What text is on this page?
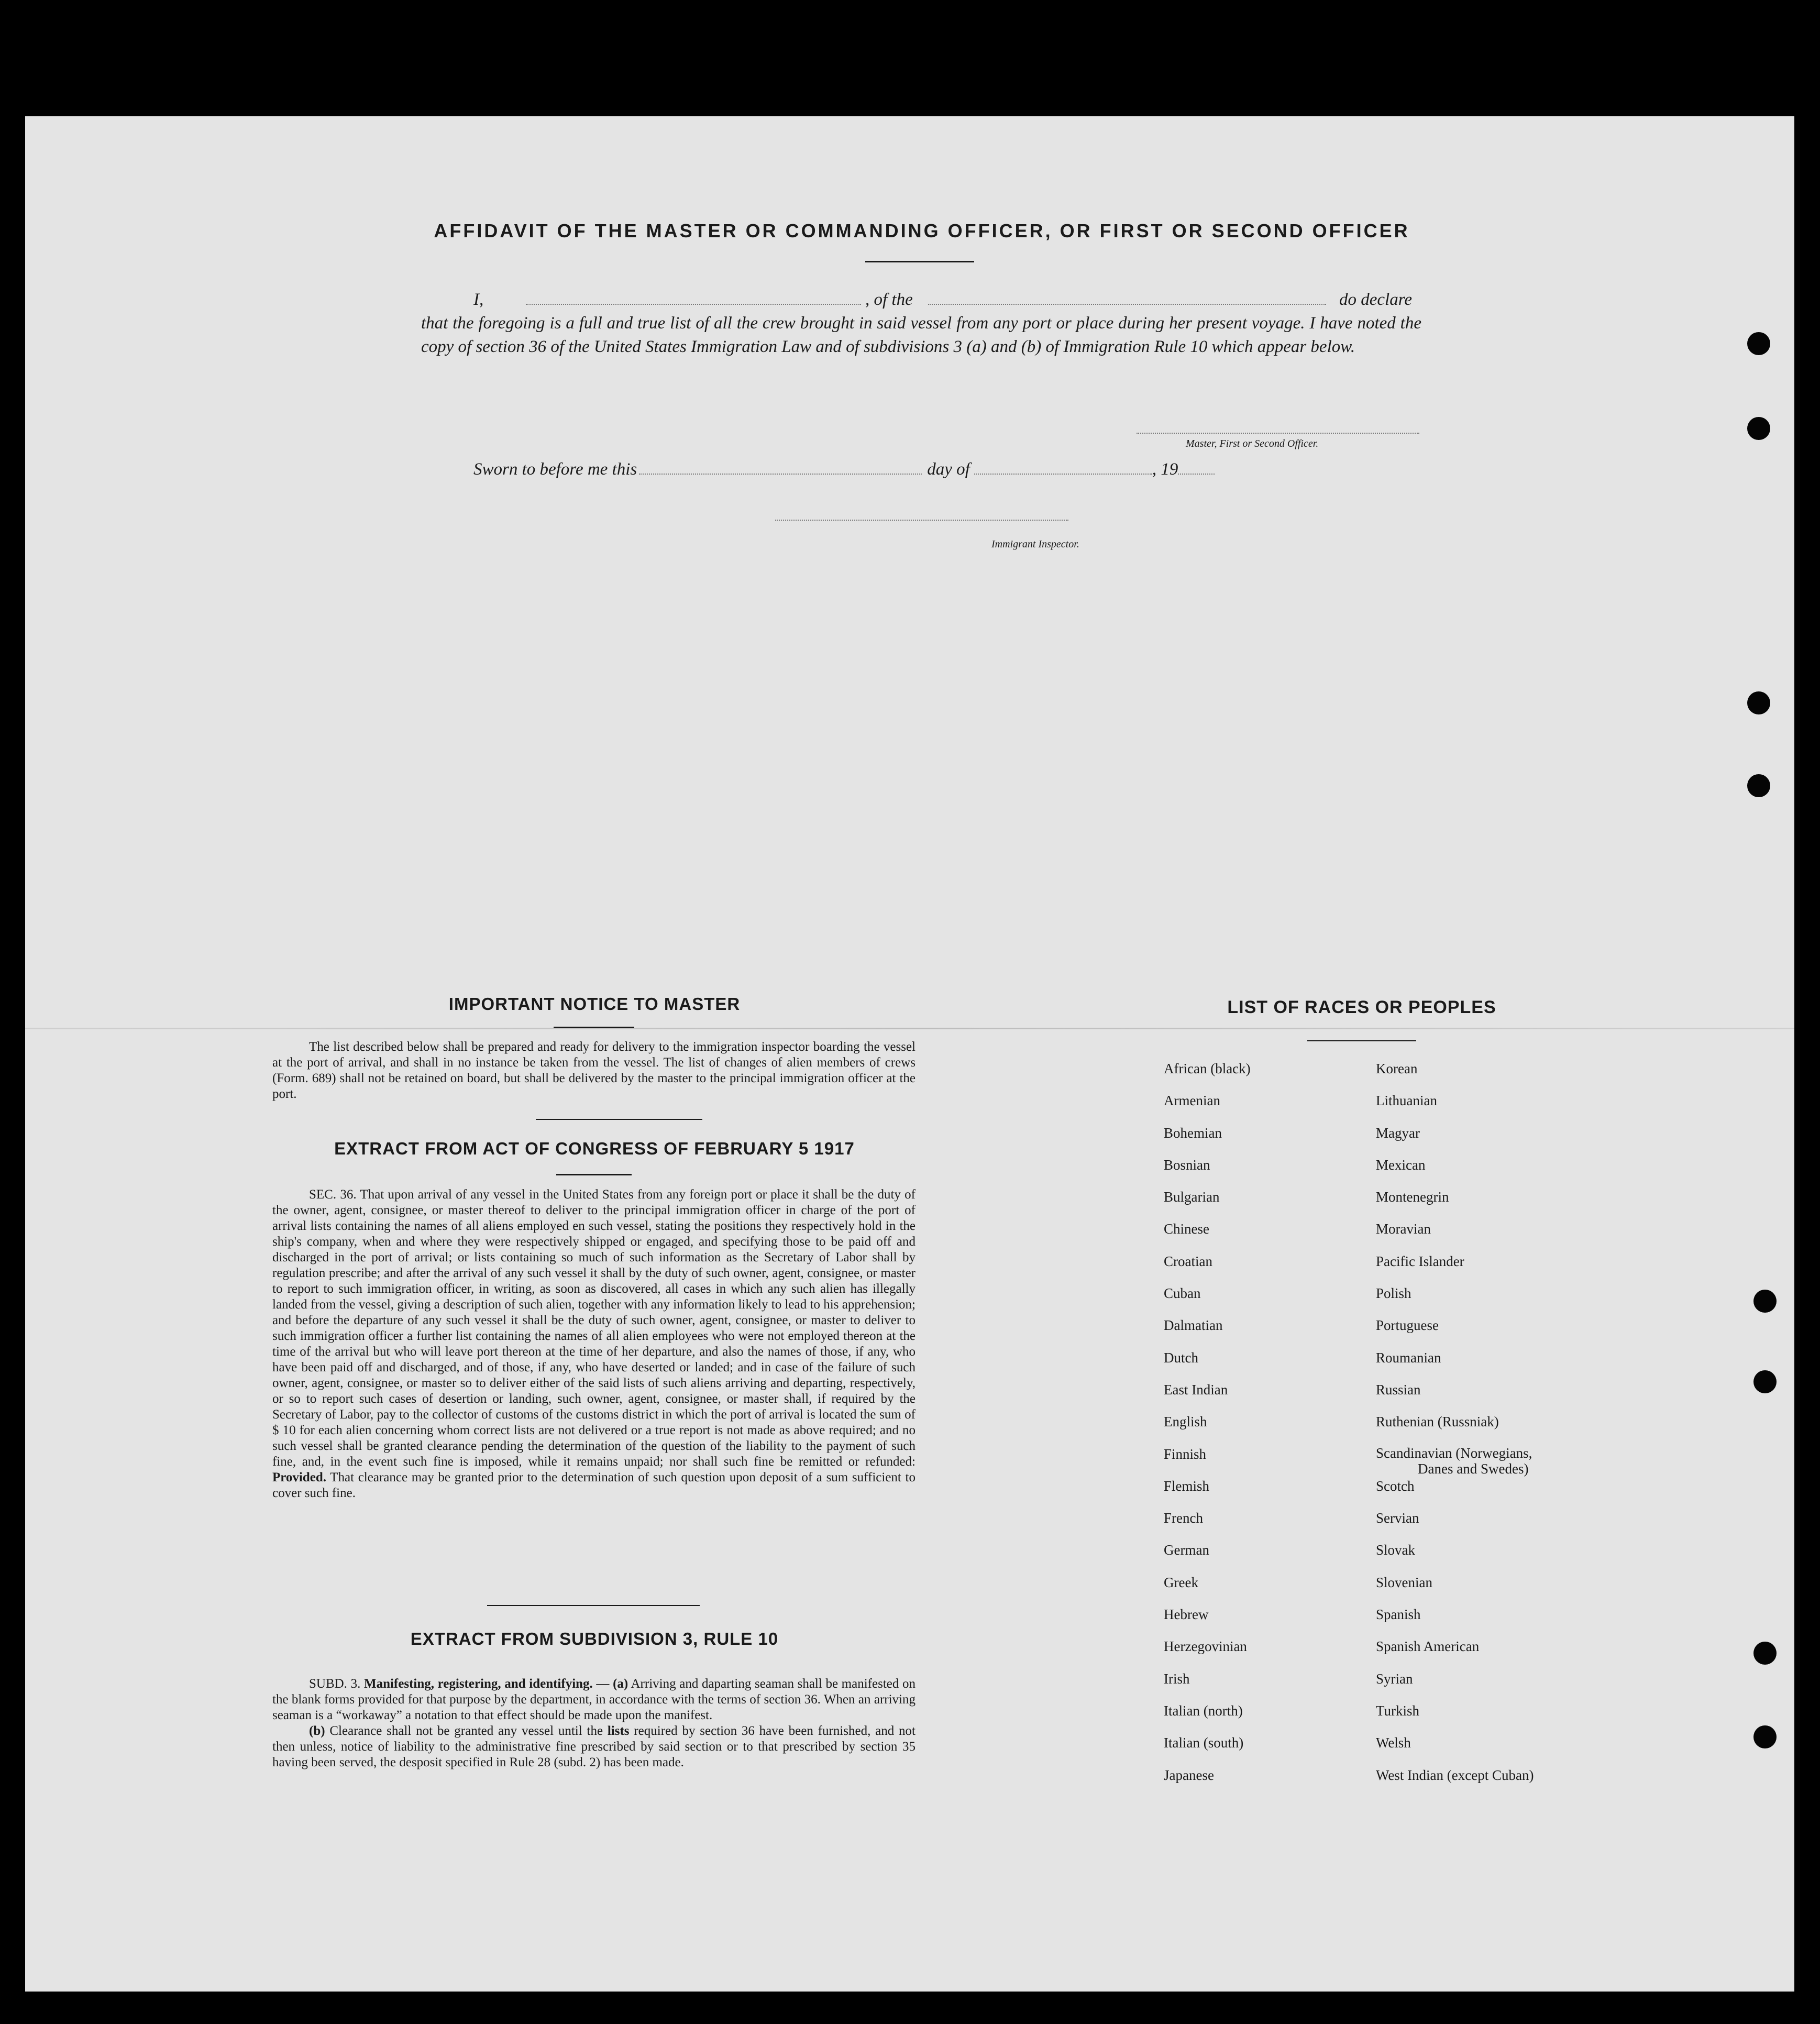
AFFIDAVIT OF THE MASTER OR COMMANDING OFFICER, OR FIRST OR SECOND OFFICER
I,	, of the	do declare
that the foregoing is a full and true list of all the crew brought in said vessel from any port or place during her present voyage. I have noted the copy of section 36 of the United States Immigration Law and of subdivisions 3 (a) and (b) of Immigration Rule 10 which appear below.
Master, First or Second Officer.
Sworn to before me this	day of	, 19
Immigrant Inspector.
IMPORTANT NOTICE TO MASTER

The list described below shall be prepared and ready for delivery to the immigration inspector boarding the vessel at the port of arrival, and shall in no instance be taken from the vessel. The list of changes of alien members of crews (Form. 689) shall not be retained on board, but shall be delivered by the master to the principal immigration officer at the port.

EXTRACT FROM ACT OF CONGRESS OF FEBRUARY 5 1917

SEC. 36. That upon arrival of any vessel in the United States from any foreign port or place it shall be the duty of the owner, agent, consignee, or master thereof to deliver to the principal immigration officer in charge of the port of arrival lists containing the names of all aliens employed en such vessel, stating the positions they respectively hold in the ship's company, when and where they were respectively shipped or engaged, and specifying those to be paid off and discharged in the port of arrival; or lists containing so much of such information as the Secretary of Labor shall by regulation prescribe; and after the arrival of any such vessel it shall by the duty of such owner, agent, consignee, or master to report to such immigration officer, in writing, as soon as discovered, all cases in which any such alien has illegally landed from the vessel, giving a description of such alien, together with any information likely to lead to his apprehension; and before the departure of any such vessel it shall be the duty of such owner, agent, consignee, or master to deliver to such immigration officer a further list containing the names of all alien employees who were not employed thereon at the time of the arrival but who will leave port thereon at the time of her departure, and also the names of those, if any, who have been paid off and discharged, and of those, if any, who have deserted or landed; and in case of the failure of such owner, agent, consignee, or master so to deliver either of the said lists of such aliens arriving and departing, respectively, or so to report such cases of desertion or landing, such owner, agent, consignee, or master shall, if required by the Secretary of Labor, pay to the collector of customs of the customs district in which the port of arrival is located the sum of $ 10 for each alien concerning whom correct lists are not delivered or a true report is not made as above required; and no such vessel shall be granted clearance pending the determination of the question of the liability to the payment of such fine, and, in the event such fine is imposed, while it remains unpaid; nor shall such fine be remitted or refunded: Provided. That clearance may be granted prior to the determination of such question upon deposit of a sum sufficient to cover such fine.

EXTRACT FROM SUBDIVISION 3, RULE 10

SUBD. 3. Manifesting, registering, and identifying. — (a) Arriving and daparting seaman shall be manifested on the blank forms provided for that purpose by the department, in accordance with the terms of section 36. When an arriving seaman is a “workaway” a notation to that effect should be made upon the manifest.

(b) Clearance shall not be granted any vessel until the lists required by section 36 have been furnished, and not then unless, notice of liability to the administrative fine prescribed by said section or to that prescribed by section 35 having been served, the desposit specified in Rule 28 (subd. 2) has been made.

LIST OF RACES OR PEOPLES
African (black)
Armenian
Bohemian
Bosnian
Bulgarian
Chinese
Croatian
Cuban
Dalmatian
Dutch
East Indian
English
Finnish
Flemish
French
German
Greek
Hebrew
Herzegovinian
Irish
Italian (north)
Italian (south)
Japanese
Korean
Lithuanian
Magyar
Mexican
Montenegrin
Moravian
Pacific Islander
Polish
Portuguese
Roumanian
Russian
Ruthenian (Russniak)
Scandinavian (Norwegians,
Danes and Swedes)
Scotch
Servian
Slovak
Slovenian
Spanish
Spanish American
Syrian
Turkish
Welsh
West Indian (except Cuban)
